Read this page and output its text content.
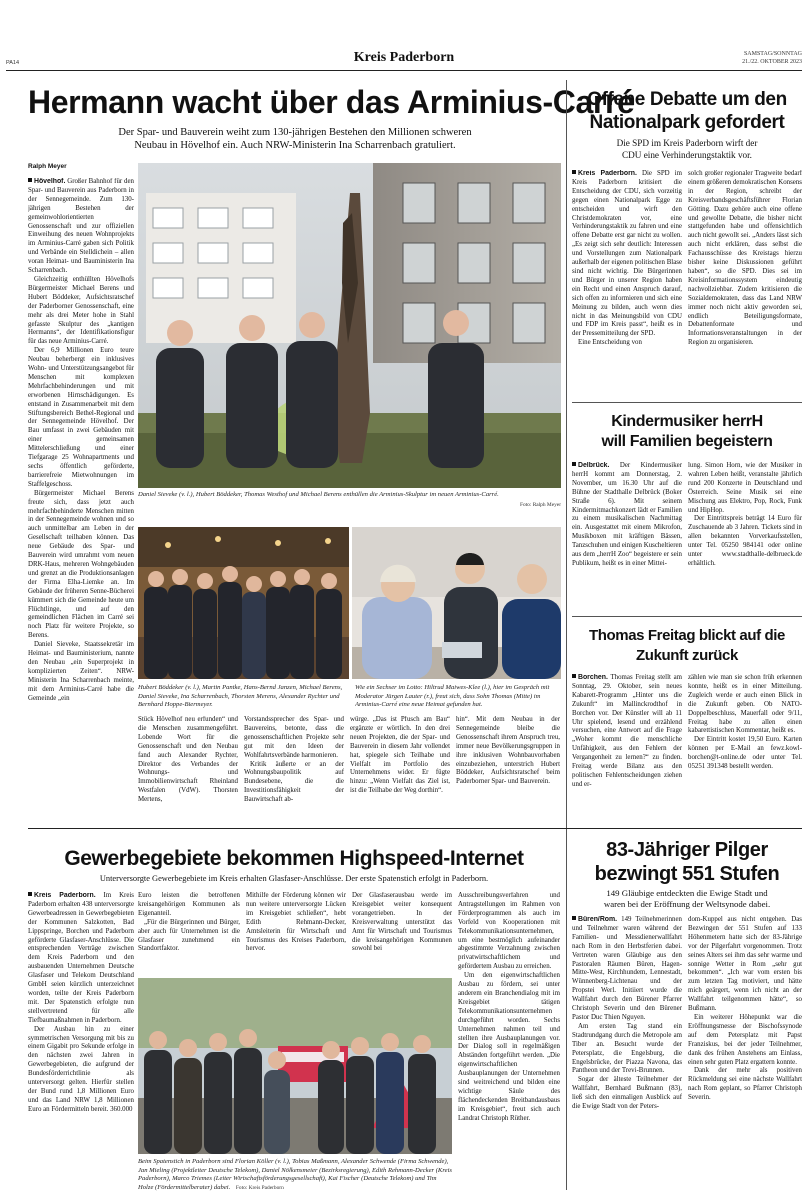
PA14	Kreis Paderborn	SAMSTAG/SONNTAG
21./22. OKTOBER 2023
Hermann wacht über das Arminius-Carré
Der Spar- und Bauverein weiht zum 130-jährigen Bestehen den Millionen schweren
Neubau in Hövelhof ein. Auch NRW-Ministerin Ina Scharrenbach gratuliert.
Ralph Meyer

Hövelhof. Großer Bahnhof für den Spar- und Bauverein aus Paderborn in der Sennegemeinde. Zum 130-jährigen Bestehen der gemeinwohlorientierten Genossenschaft und zur offiziellen Einweihung des neuen Wohnprojekts im Arminius-Carré gaben sich Politik und Verbände ein Stelldichein – allen voran Heimat- und Bauministerin Ina Scharrenbach.

Gleichzeitig enthüllten Hövelhofs Bürgermeister Michael Berens und Hubert Böddeker, Aufsichtsratschef der Paderborner Genossenschaft, eine mehr als drei Meter hohe in Stahl gefasste Skulptur des „kantigen Hermanns“, der Identifikationsfigur für das neue Arminius-Carré.

Der 6,9 Millionen Euro teure Neubau beherbergt ein inklusives Wohn- und Unterstützungsangebot für Menschen mit komplexen Mehrfachbehinderungen und mit erworbenen Hirnschädigungen. Es entstand in Zusammenarbeit mit dem Stiftungsbereich Bethel-Regional und der Sennegemeinde Hövelhof. Der Bau umfasst in zwei Gebäuden mit einer gemeinsamen Mittelerschließung und einer Tiefgarage 25 Wohnapartments und sechs öffentlich geförderte, barrierefreie Mietwohnungen im Staffelgeschoss.

Bürgermeister Michael Berens freute sich, dass jetzt auch mehrfachbehinderte Menschen mitten in der Sennegemeinde wohnen und so auch unmittelbar am Leben in der Gesellschaft teilhaben können. Das neue Gebäude des Spar- und Bauverein wird umrahmt vom neuen DRK-Haus, mehreren Wohngebäuden und grenzt an die Produktionsanlagen der Firma Elha-Liemke an. Im Gebäude der früheren Senne-Bücherei kümmert sich die Gemeinde heute um Flüchtlinge, und auf den gemeindlichen Flächen im Carré sei noch Platz für weitere Projekte, so Berens.

Daniel Sieveke, Staatssekretär im Heimat- und Bauministerium, nannte den Neubau „ein Superprojekt in komplizierten Zeiten“. NRW-Ministerin Ina Scharrenbach meinte, mit dem Arminius-Carré habe die Gemeinde „ein

Daniel Sieveke (v. l.), Hubert Böddeker, Thomas Westhof und Michael Berens enthüllen die Arminius-Skulptur im neuen Arminius-Carré.
Foto: Ralph Meyer
Hubert Böddeker (v. l.), Martin Pantke, Hans-Bernd Janzen, Michael Berens, Daniel Sieveke, Ina Scharrenbach, Thorsten Merens, Alexander Rychter und Bernhard Hoppe-Biermeyer.
Wie ein Sechser im Lotto: Hiltrud Maiwes-Klee (l.), hier im Gespräch mit Moderator Jürgen Lauter (r.), freut sich, dass Sohn Thomas (Mitte) im Arminius-Carré eine neue Heimat gefunden hat.

Stück Hövelhof neu erfunden“ und die Menschen zusammengeführt. Lobende Wort für die Genossenschaft und den Neubau fand auch Alexander Rychter, Direktor des Verbandes der Wohnungs- und Immobilienwirtschaft Rheinland Westfalen (VdW). Thorsten Mertens,

Vorstandssprecher des Spar- und Bauvereins, betonte, dass die genossenschaftlichen Projekte sehr gut mit den Ideen der Wohlfahrtsverbände harmonieren.

Kritik äußerte er an der Wohnungsbaupolitik auf Bundesebene, die die Investitionsfähigkeit der Bauwirtschaft ab-

würge. „Das ist Pfusch am Bau“ ergänzte er wörtlich. In den drei neuen Projekten, die der Spar- und Bauverein in diesem Jahr vollendet hat, spiegele sich Teilhabe und Vielfalt im Portfolio des Unternehmens wider. Er fügte hinzu: „Wenn Vielfalt das Ziel ist, ist die Teilhabe der Weg dorthin“.

hin“. Mit dem Neubau in der Sennegemeinde bleibe die Genossenschaft ihrem Anspruch treu, immer neue Bevölkerungsgruppen in ihre inklusiven Wohnbauvorhaben einzubeziehen, unterstrich Hubert Böddeker, Aufsichtsratschef beim Paderborner Spar- und Bauverein.

Offene Debatte um den
Nationalpark gefordert
Die SPD im Kreis Paderborn wirft der
CDU eine Verhinderungstaktik vor.

Kreis Paderborn. Die SPD im Kreis Paderborn kritisiert die Entscheidung der CDU, sich vorzeitig gegen einen Nationalpark Egge zu entscheiden und wirft den Christdemokraten vor, eine Verhinderungstaktik zu fahren und eine offene Debatte erst gar nicht zu wollen. „Es zeigt sich sehr deutlich: Interessen und Vorstellungen zum Nationalpark außerhalb der eigenen politischen Blase sind nicht wichtig. Die Bürgerinnen und Bürger in unserer Region haben ein Recht und einen Anspruch darauf, sich offen zu informieren und sich eine Meinung zu bilden, auch wenn dies nicht in das Meinungsbild von CDU und FDP im Kreis passt“, heißt es in der Pressemitteilung der SPD.

Eine Entscheidung von

solch großer regionaler Tragweite bedarf einem größeren demokratischen Konsens in der Region, schreibt der Kreisverbandsgeschäftsführer Florian Götting. Dazu gehöre auch eine offene und gewollte Debatte, die bisher nicht stattgefunden habe und offensichtlich auch nicht gewollt sei. „Anders lässt sich auch nicht erklären, dass selbst die Fachausschüsse des Kreistags hierzu bisher keine Diskussionen geführt haben“, so die SPD. Dies sei im Kreisinformationssystem eindeutig nachvollziehbar. Zudem kritisieren die Sozialdemokraten, dass das Land NRW immer noch nicht aktiv geworden sei, endlich Beteiligungsformate, Debattenformate und Informationsveranstaltungen in der Region zu organisieren.

Kindermusiker herrH
will Familien begeistern

Delbrück. Der Kindermusiker herrH kommt am Donnerstag, 2. November, um 16.30 Uhr auf die Bühne der Stadthalle Delbrück (Boker Straße 6). Mit seinem Kindermitmachkonzert lädt er Familien zu einem musikalischen Nachmittag ein. Ausgestattet mit einem Mikrofon, Musikboxen mit kräftigen Bässen, Tanzschuhen und einigen Kuscheltieren aus dem „herrH Zoo“ begeistere er sein Publikum, heißt es in einer Mittei-

lung. Simon Horn, wie der Musiker in wahren Leben heißt, veranstalte jährlich rund 200 Konzerte in Deutschland und Österreich. Seine Musik sei eine Mischung aus Elektro, Pop, Rock, Funk und HipHop.

Der Eintrittspreis beträgt 14 Euro für Zuschauende ab 3 Jahren. Tickets sind in allen bekannten Vorverkaufsstellen, unter Tel. 05250 984141 oder online unter www.stadthalle-delbrueck.de erhältlich.

Thomas Freitag blickt auf die
Zukunft zurück

Borchen. Thomas Freitag stellt am Sonntag, 29. Oktober, sein neues Kabarett-Programm „Hinter uns die Zukunft“ im Mallinckrodthof in Borchen vor. Der Künstler will ab 11 Uhr spielend, lesend und erzählend versuchen, eine Antwort auf die Frage „Woher kommt die menschliche Unfähigkeit, aus den Fehlern der Vergangenheit zu lernen?“ zu finden. Freitag werde Bilanz aus den politischen Fehlentscheidungen ziehen und er-

zählen wie man sie schon früh erkennen konnte, heißt es in einer Mitteilung. Zugleich werde er auch einen Blick in die Zukunft geben. Ob NATO-Doppelbeschluss, Mauerfall oder 9/11, Freitag habe zu allen einen kabarettistischen Kommentar, heißt es.

Der Eintritt kostet 19,50 Euro. Karten können per E-Mail an fewz.kowl-borchen@t-online.de oder unter Tel. 05251 391348 bestellt werden.

Gewerbegebiete bekommen Highspeed-Internet
Unterversorgte Gewerbegebiete im Kreis erhalten Glasfaser-Anschlüsse. Der erste Spatenstich erfolgt in Paderborn.

Kreis Paderborn. Im Kreis Paderborn erhalten 438 unterversorgte Gewerbeadressen in Gewerbegebieten der Kommunen Salzkotten, Bad Lippspringe, Borchen und Paderborn geförderte Glasfaser-Anschlüsse. Die entsprechenden Verträge zwischen dem Kreis Paderborn und den ausbauenden Unternehmen Deutsche Glasfaser und Telekom Deutschland GmbH seien kürzlich unterzeichnet worden, teilte der Kreis Paderborn mit. Der Spatenstich erfolgte nun stellvertretend für alle Tiefbaumaßnahmen in Paderborn.

Der Ausbau hin zu einer symmetrischen Versorgung mit bis zu einem Gigabit pro Sekunde erfolge in den nächsten zwei Jahren in Gewerbegebieten, die aufgrund der Bundesförderrichtlinie als unterversorgt gelten. Hierfür stellen der Bund rund 1,8 Millionen Euro und das Land NRW 1,8 Millionen Euro an Fördermitteln bereit. 360.000

Euro leisten die betroffenen kreisangehörigen Kommunen als Eigenanteil.

„Für die Bürgerinnen und Bürger, aber auch für Unternehmen ist die Glasfaser zunehmend ein Standortfaktor.

Mithilfe der Förderung können wir nun weitere unterversorgte Lücken im Kreisgebiet schließen“, hebt Edith Rehmann-Decker, Amtsleiterin für Wirtschaft und Tourismus des Kreises Paderborn, hervor.

Der Glasfaserausbau werde im Kreisgebiet weiter konsequent vorangetrieben. In der Kreisverwaltung unterstützt das Amt für Wirtschaft und Tourismus die kreisangehörigen Kommunen sowohl bei

Ausschreibungsverfahren und Antragstellungen im Rahmen von Förderprogrammen als auch im Vorfeld von Kooperationen mit Telekommunikationsunternehmen, um eine bestmöglich aufeinander abgestimmte Verzahnung zwischen privatwirtschaftlichem und gefördertem Ausbau zu erreichen.

Um den eigenwirtschaftlichen Ausbau zu fördern, sei unter anderem ein Branchendialog mit im Kreisgebiet tätigen Telekommunikationsunternehmen durchgeführt worden. Sechs Unternehmen nahmen teil und stellten ihre Ausbauplanungen vor. Der Dialog soll in regelmäßigen Abständen fortgeführt werden. „Die eigenwirtschaftlichen Ausbauplanungen der Unternehmen sind weitreichend und bilden eine wichtige Säule des flächendeckenden Breitbandausbaus im Kreisgebiet“, freut sich auch Landrat Christoph Rüther.

Beim Spatenstich in Paderborn sind Florian Köller (v. l.), Tobias Maßmann, Alexander Schwende (Firma Schwende), Jan Mieling (Projektleiter Deutsche Telekom), Daniel Nölkensmeier (Bezirksregierung), Edith Rehmann-Decker (Kreis Paderborn), Marco Triemes (Leiter Wirtschaftsförderungsgesellschaft), Kai Fischer (Deutsche Telekom) und Tim Holze (Fördermittelberater) dabei. Foto: Kreis Paderborn
83-Jähriger Pilger
bezwingt 551 Stufen
149 Gläubige entdeckten die Ewige Stadt und
waren bei der Eröffnung der Weltsynode dabei.

Büren/Rom. 149 Teilnehmerinnen und Teilnehmer waren während der Familien- und Messdienerwallfahrt nach Rom in den Herbstferien dabei. Vertreten waren Gläubige aus den Pastoralen Räumen Büren, Hagen-Mitte-West, Kirchhundem, Lennestadt, Wünnenberg-Lichtenau und der Propstei Werl. Initiiert wurde die Wallfahrt durch den Bürener Pfarrer Christoph Severin und den Bürener Pastor Duc Thien Nguyen.

Am ersten Tag stand ein Stadtrundgang durch die Metropole am Tiber an. Besucht wurde der Petersplatz, die Engelsburg, die Engelsbrücke, der Piazza Navona, das Pantheon und der Trevi-Brunnen.

Sogar der älteste Teilnehmer der Wallfahrt, Bernhard Bußmann (83), ließ sich den einmaligen Ausblick auf die Ewige Stadt von der Peters-

dom-Kuppel aus nicht entgehen. Das Bezwingen der 551 Stufen auf 133 Höhenmetern hatte sich der 83-Jährige vor der Pilgerfahrt vorgenommen. Trotz seines Alters sei ihm das sehr warme und sonnige Wetter in Rom „sehr gut bekommen“. „Ich war vom ersten bis zum letzten Tag motiviert, und hätte mich geärgert, wenn ich nicht an der Wallfahrt teilgenommen hätte“, so Bußmann.

Ein weiterer Höhepunkt war die Eröffnungsmesse der Bischofssynode auf dem Petersplatz mit Papst Franziskus, bei der jeder Teilnehmer, dank des frühen Anstehens am Einlass, einen sehr guten Platz ergattern konnte.

Dank der mehr als positiven Rückmeldung sei eine nächste Wallfahrt nach Rom geplant, so Pfarrer Christoph Severin.
